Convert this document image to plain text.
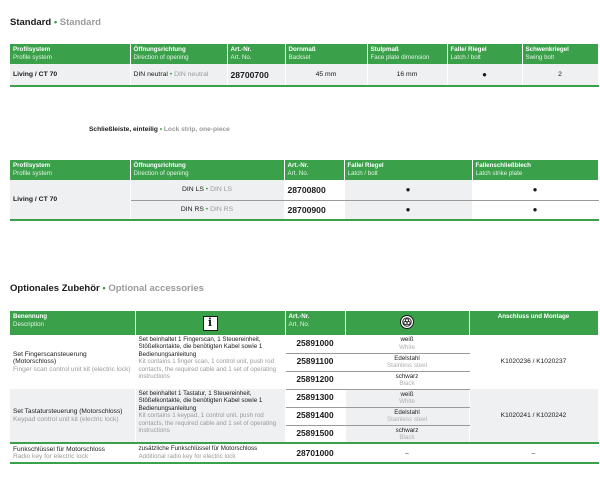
Standard • Standard
Profilsystem
Profile system	Öffnungsrichtung
Direction of opening	Art.-Nr.
Art. No.	Dornmaß
Backset	Stulpmaß
Face plate dimension	Falle/ Riegel
Latch / bolt	Schwenkriegel
Swing bolt

Living / CT 70	DIN neutral • DIN neutral	28700700	45 mm	16 mm	●	2
Schließleiste, einteilig • Lock strip, one-piece
Profilsystem
Profile system	Öffnungsrichtung
Direction of opening	Art.-Nr.
Art. No.	Falle/ Riegel
Latch / bolt	Fallenschließblech
Latch strike plate

Living / CT 70	DIN LS • DIN LS	28700800	●	●
	DIN RS • DIN RS	28700900	●	●
Optionales Zubehör • Optional accessories
Benennung
Description	i	Art.-Nr.
Art. No.		Anschluss und Montage

Set Fingerscansteuerung (Motorschloss)
Finger scan control unit kit (electric lock)	Set beinhaltet 1 Fingerscan, 1 Steuereinheit, Stößelkontakte, die benötigten Kabel sowie 1 Bedienungsanleitung
Kit contains 1 finger scan, 1 control unit, push rod contacts, the required cable and 1 set of operating instructions	25891000	weiß
White	K1020236 / K1020237
		25891100	Edelstahl
Stainless steel	

		25891200	schwarz
Black	

Set Tastatursteuerung (Motorschloss)
Keypad control unit kit (electric lock)	Set beinhaltet 1 Tastatur, 1 Steuereinheit, Stößelkontakte, die benötigten Kabel sowie 1 Bedienungsanleitung
Kit contains 1 keypad, 1 control unit, push rod contacts, the required cable and 1 set of operating instructions	25891300	weiß
White	K1020241 / K1020242
		25891400	Edelstahl
Stainless steel	

		25891500	schwarz
Black	

Funkschlüssel für Motorschloss
Radio key for electric lock	zusätzliche Funkschlüssel für Motorschloss
Additional radio key for electric lock	28701000	–	–
